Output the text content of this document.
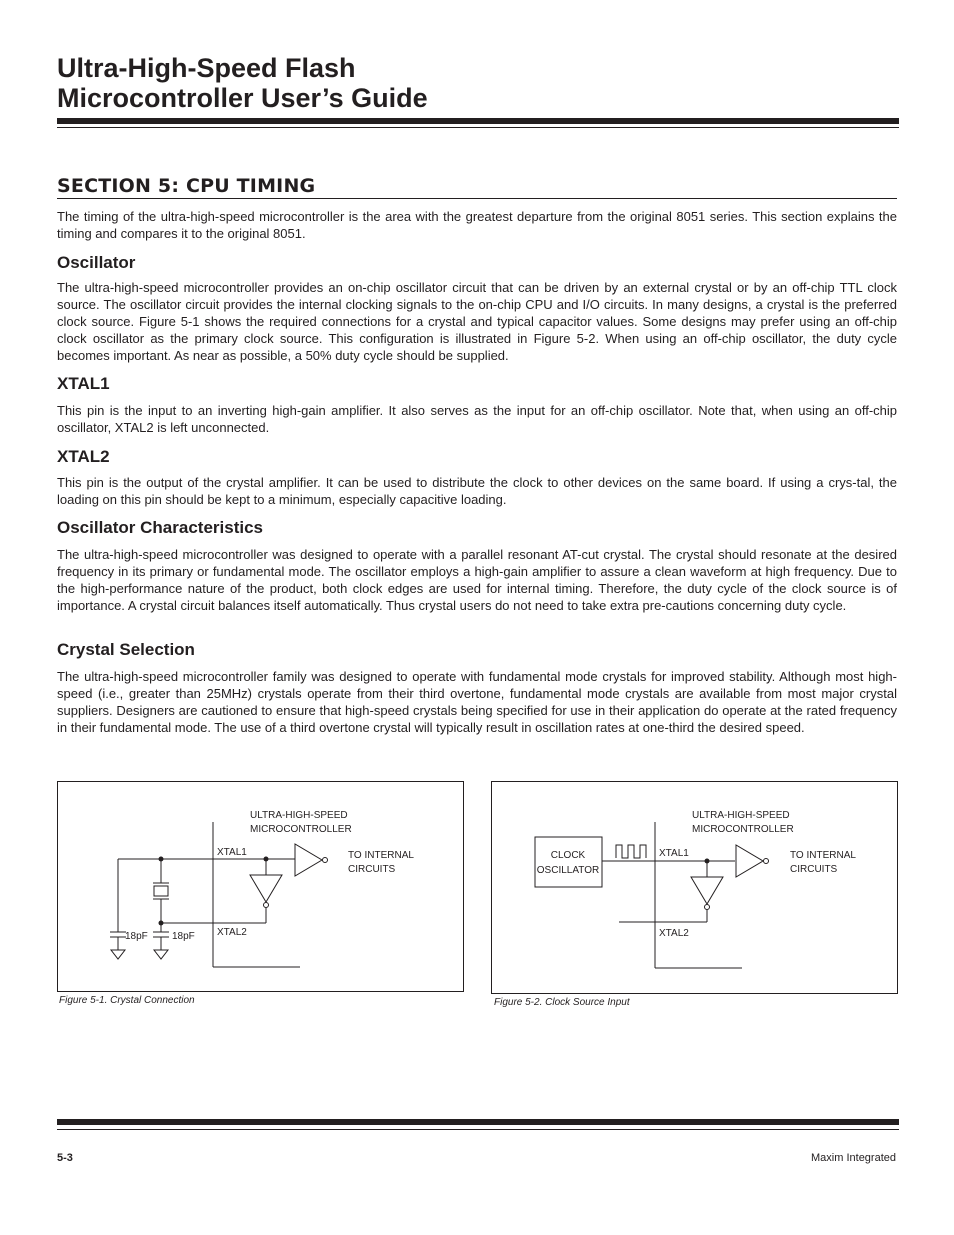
Ultra-High-Speed Flash
Microcontroller User’s Guide
SECTION 5: CPU TIMING

The timing of the ultra-high-speed microcontroller is the area with the greatest departure from the original 8051 series. This section explains the timing and compares it to the original 8051.

Oscillator

The ultra-high-speed microcontroller provides an on-chip oscillator circuit that can be driven by an external crystal or by an off-chip TTL clock source. The oscillator circuit provides the internal clocking signals to the on-chip CPU and I/O circuits. In many designs, a crystal is the preferred clock source. Figure 5-1 shows the required connections for a crystal and typical capacitor values. Some designs may prefer using an off-chip clock oscillator as the primary clock source. This configuration is illustrated in Figure 5-2. When using an off-chip oscillator, the duty cycle becomes important. As near as possible, a 50% duty cycle should be supplied.

XTAL1

This pin is the input to an inverting high-gain amplifier. It also serves as the input for an off-chip oscillator. Note that, when using an off-chip oscillator, XTAL2 is left unconnected.

XTAL2

This pin is the output of the crystal amplifier. It can be used to distribute the clock to other devices on the same board. If using a crys-tal, the loading on this pin should be kept to a minimum, especially capacitive loading.

Oscillator Characteristics

The ultra-high-speed microcontroller was designed to operate with a parallel resonant AT-cut crystal. The crystal should resonate at the desired frequency in its primary or fundamental mode. The oscillator employs a high-gain amplifier to assure a clean waveform at high frequency. Due to the high-performance nature of the product, both clock edges are used for internal timing. Therefore, the duty cycle of the clock source is of importance. A crystal circuit balances itself automatically. Thus crystal users do not need to take extra pre-cautions concerning duty cycle.

Crystal Selection

The ultra-high-speed microcontroller family was designed to operate with fundamental mode crystals for improved stability. Although most high-speed (i.e., greater than 25MHz) crystals operate from their third overtone, fundamental mode crystals are available from most major crystal suppliers. Designers are cautioned to ensure that high-speed crystals being specified for use in their application do operate at the rated frequency in their fundamental mode. The use of a third overtone crystal will typically result in oscillation rates at one-third the desired speed.

ULTRA-HIGH-SPEED
MICROCONTROLLER
XTAL1
XTAL2
TO INTERNAL
CIRCUITS
18pF 18pF

Figure 5-1. Crystal Connection

ULTRA-HIGH-SPEED
MICROCONTROLLER
XTAL1
XTAL2
TO INTERNAL
CIRCUITS
CLOCK
OSCILLATOR

Figure 5-2. Clock Source Input

5-3	Maxim Integrated
